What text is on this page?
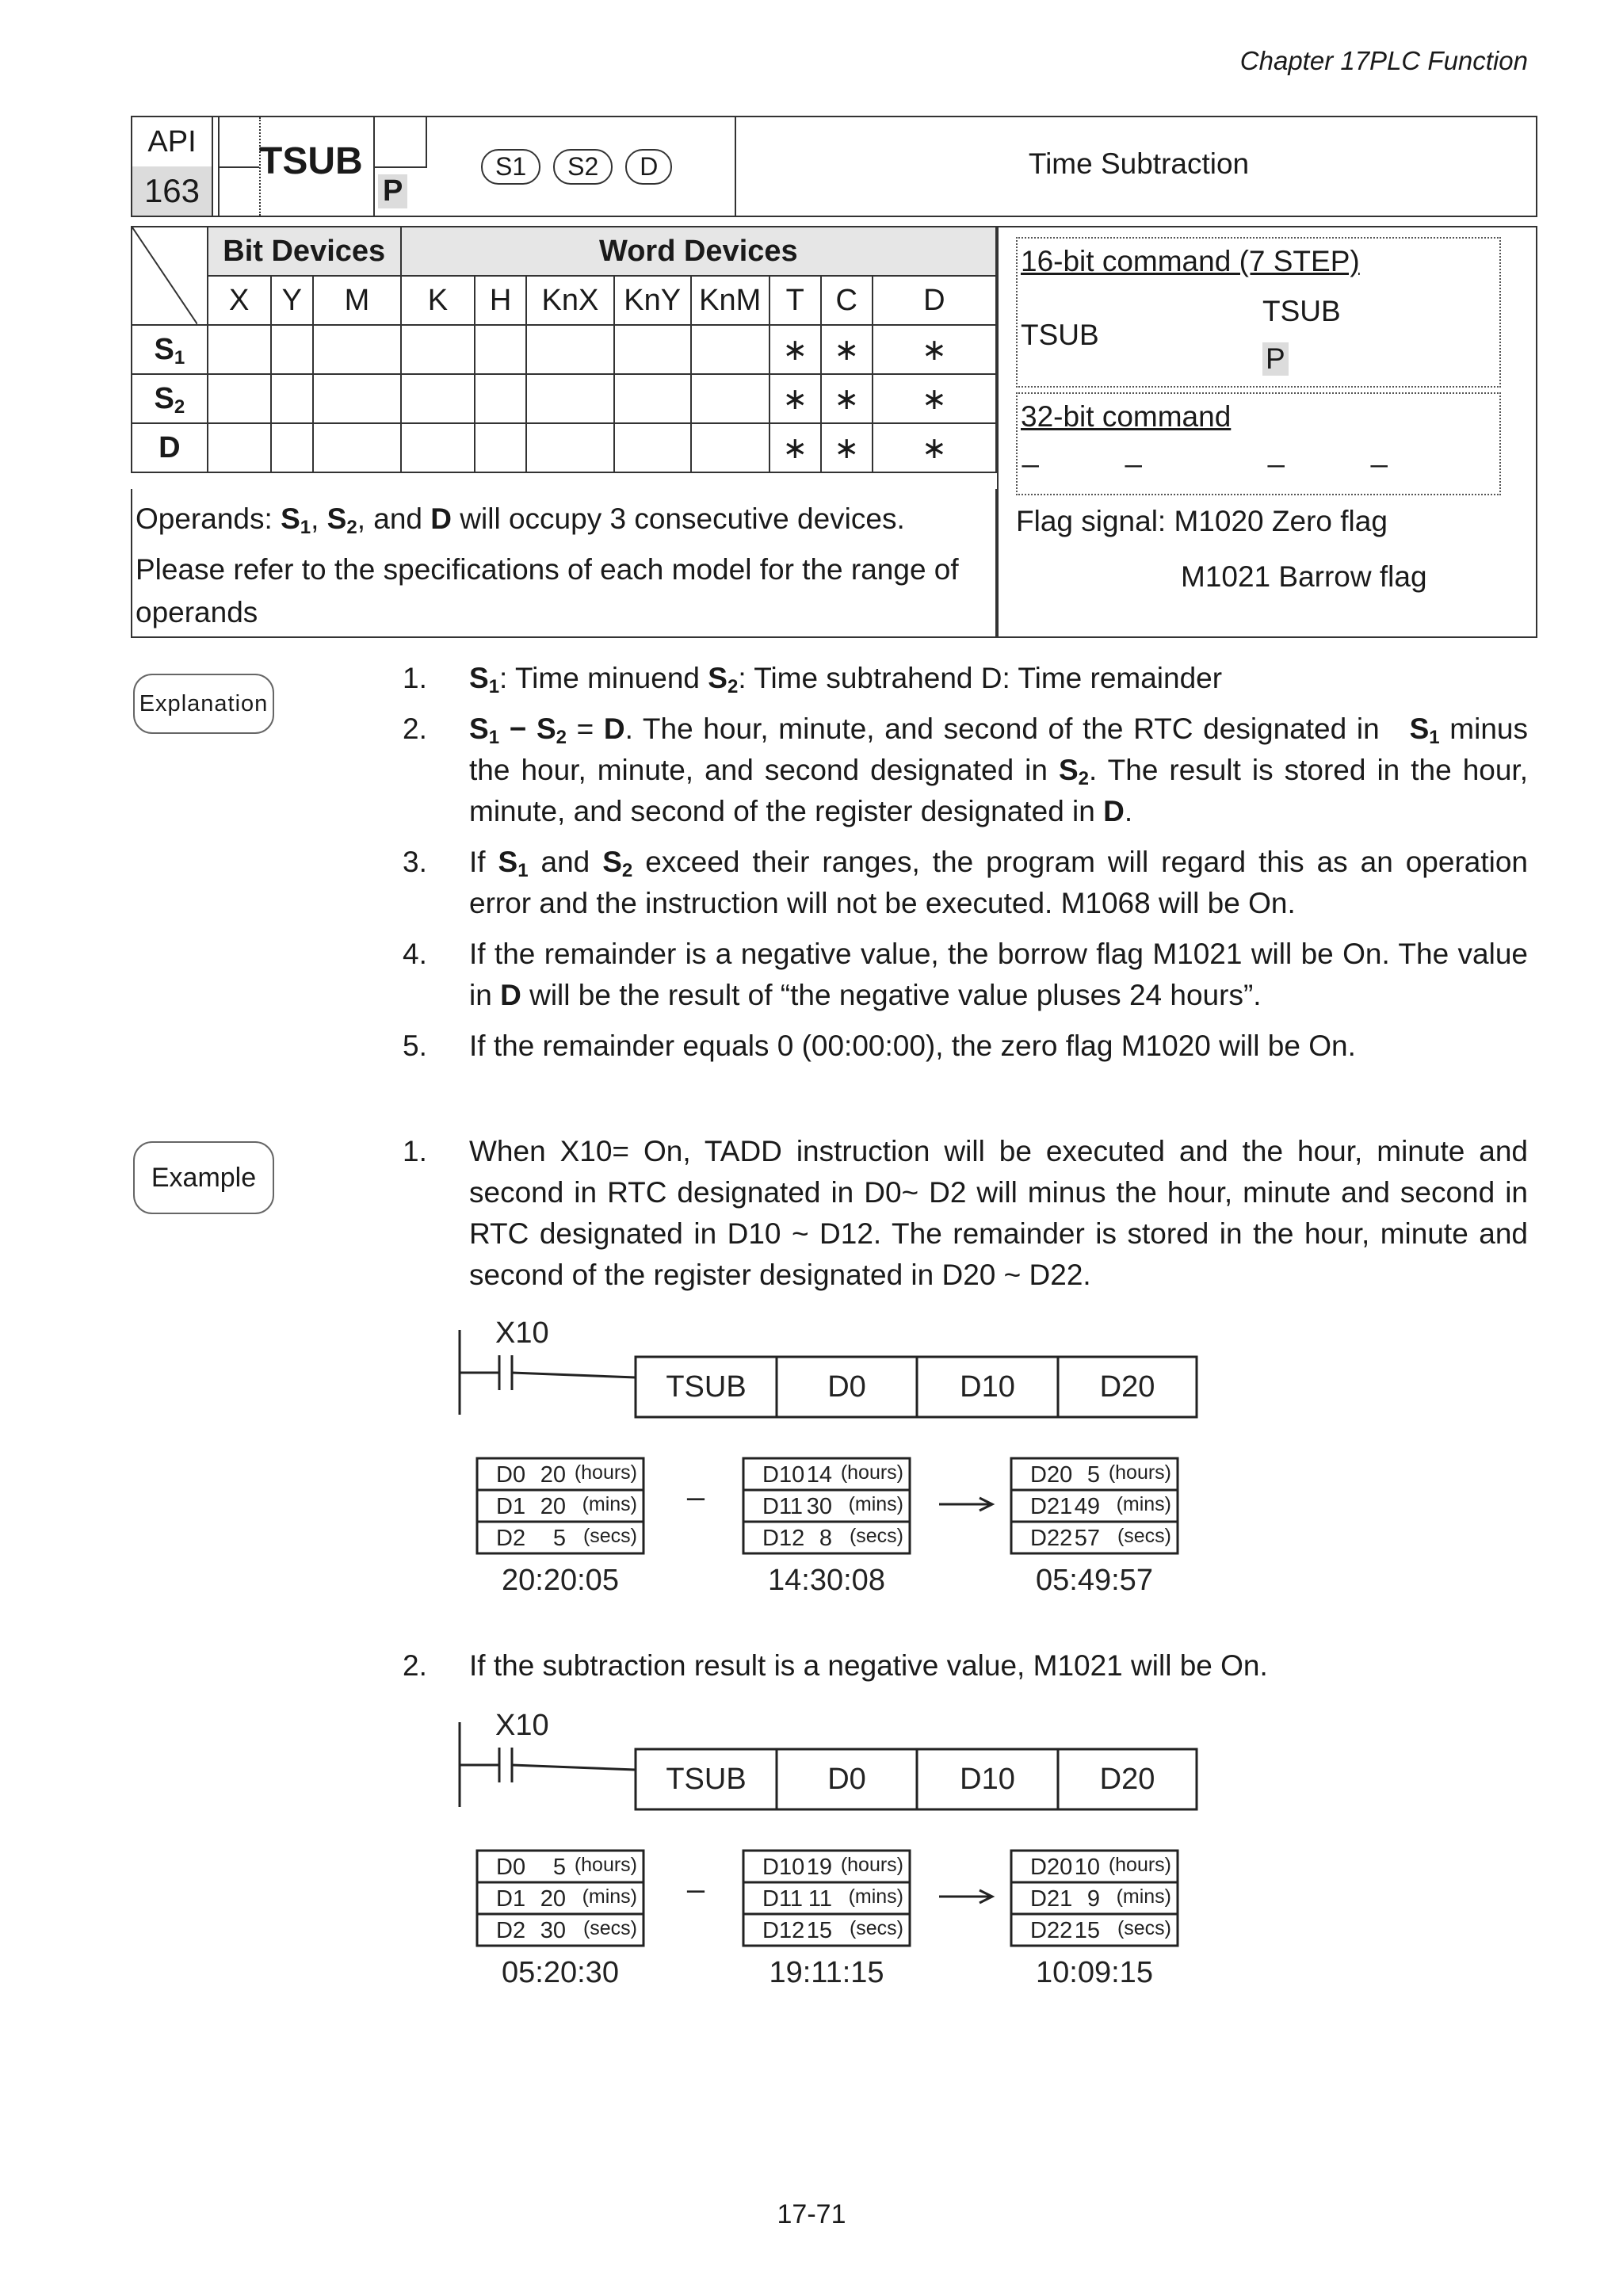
Chapter 17PLC Function
API
163
TSUB
P
S1	S2	D	Time Subtraction
	Bit Devices			Word Devices							
	X	Y	M	K	H	KnX	KnY	KnM	T	C	D
$S_1$									∗	∗	∗
$S_2$									∗	∗	∗
D									∗	∗	∗
Operands: $S_1$, $S_2$, and D will occupy 3 consecutive devices.
Please refer to the specifications of each model for the range of
operands
16-bit command (7 STEP)
TSUB
TSUB
P
32-bit command
_	_	_	_
Flag signal: M1020 Zero flag
M1021 Barrow flag
Explanation
1. $S_1$: Time minuend $S_2$: Time subtrahend D: Time remainder
2. $S_1 - S_2 = D$. The hour, minute, and second of the RTC designated in   $S_1$ minus the hour, minute, and second designated in $S_2$. The result is stored in the hour, minute, and second of the register designated in D.
3. If $S_1$ and $S_2$ exceed their ranges, the program will regard this as an operation error and the instruction will not be executed. M1068 will be On.
4. If the remainder is a negative value, the borrow flag M1021 will be On. The value in D will be the result of “the negative value pluses 24 hours”.
5. If the remainder equals 0 (00:00:00), the zero flag M1020 will be On.
Example
1. When X10= On, TADD instruction will be executed and the hour, minute and second in RTC designated in D0~ D2 will minus the hour, minute and second in RTC designated in D10 ~ D12. The remainder is stored in the hour, minute and second of the register designated in D20 ~ D22.
X10
TSUB	D0	D10	D20
D0 20 (hours)
D1 20 (mins)
D2 5 (secs)
20:20:05
D10 14 (hours)
D11 30 (mins)
D12 8 (secs)
14:30:08
D20 5 (hours)
D21 49 (mins)
D22 57 (secs)
05:49:57
–
2. If the subtraction result is a negative value, M1021 will be On.
X10
TSUB	D0	D10	D20
D0 5 (hours)
D1 20 (mins)
D2 30 (secs)
05:20:30
D10 19 (hours)
D11 11 (mins)
D12 15 (secs)
19:11:15
D20 10 (hours)
D21 9 (mins)
D22 15 (secs)
10:09:15
–
17-71
